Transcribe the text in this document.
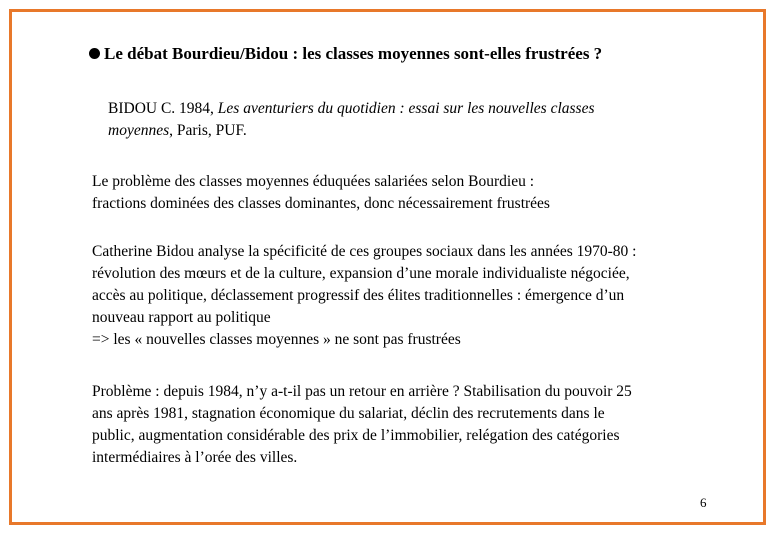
Le débat Bourdieu/Bidou : les classes moyennes sont-elles frustrées ?
BIDOU C. 1984, Les aventuriers du quotidien : essai sur les nouvelles classes
moyennes, Paris, PUF.
Le problème des classes moyennes éduquées salariées selon Bourdieu :
fractions dominées des classes dominantes, donc nécessairement frustrées
Catherine Bidou analyse la spécificité de ces groupes sociaux dans les années 1970-80 :
révolution des mœurs et de la culture, expansion d’une morale individualiste négociée,
accès au politique, déclassement progressif des élites traditionnelles : émergence d’un
nouveau rapport au politique
=> les « nouvelles classes moyennes » ne sont pas frustrées
Problème : depuis 1984, n’y a-t-il pas un retour en arrière ? Stabilisation du pouvoir 25
ans après 1981, stagnation économique du salariat, déclin des recrutements dans le
public, augmentation considérable des prix de l’immobilier, relégation des catégories
intermédiaires à l’orée des villes.
6
